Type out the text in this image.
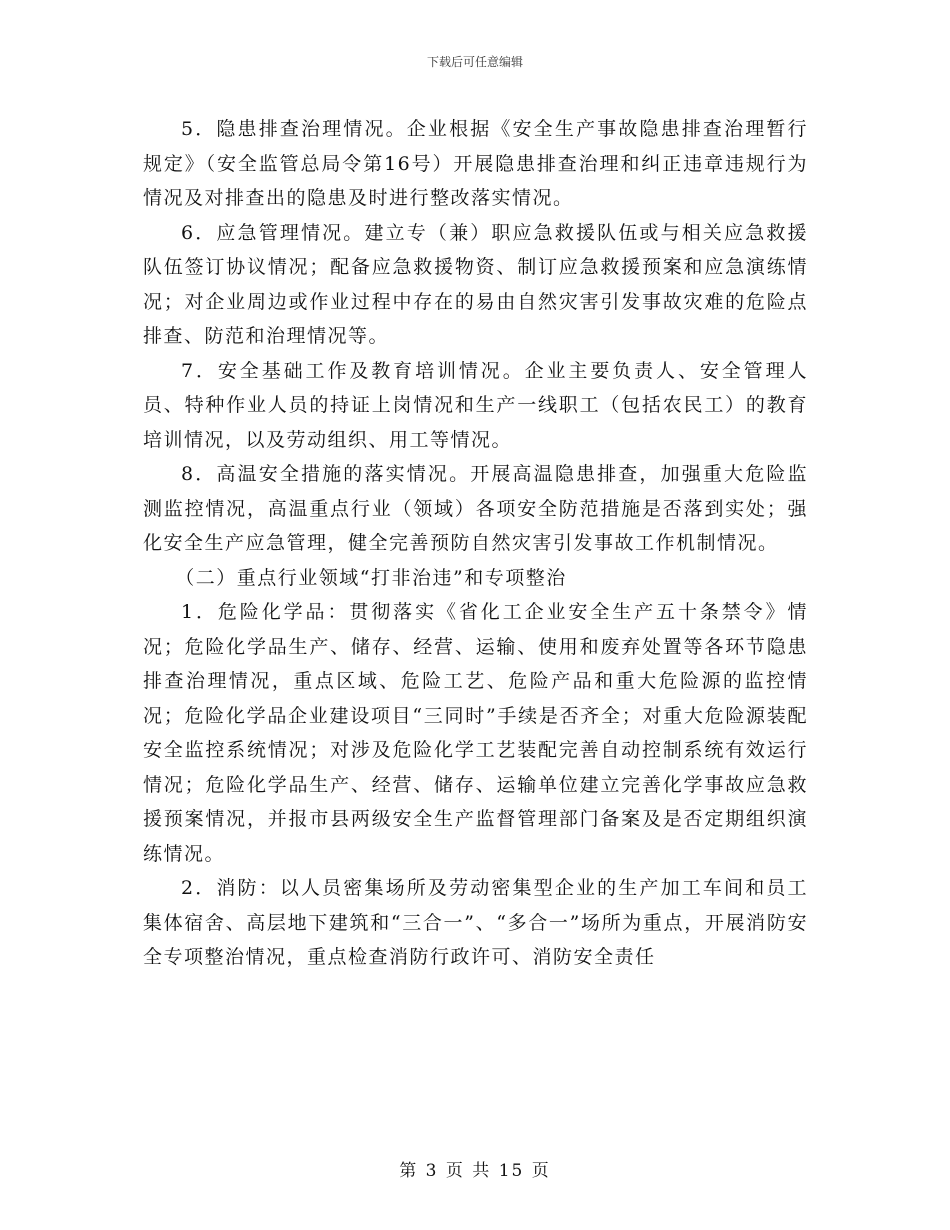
下载后可任意编辑

5．隐患排查治理情况。企业根据《安全生产事故隐患排查治理暂行规定》（安全监管总局令第16号）开展隐患排查治理和纠正违章违规行为情况及对排查出的隐患及时进行整改落实情况。

6．应急管理情况。建立专（兼）职应急救援队伍或与相关应急救援队伍签订协议情况；配备应急救援物资、制订应急救援预案和应急演练情况；对企业周边或作业过程中存在的易由自然灾害引发事故灾难的危险点排查、防范和治理情况等。

7．安全基础工作及教育培训情况。企业主要负责人、安全管理人员、特种作业人员的持证上岗情况和生产一线职工（包括农民工）的教育培训情况，以及劳动组织、用工等情况。

8．高温安全措施的落实情况。开展高温隐患排查，加强重大危险监测监控情况，高温重点行业（领域）各项安全防范措施是否落到实处；强化安全生产应急管理，健全完善预防自然灾害引发事故工作机制情况。

（二）重点行业领域“打非治违”和专项整治

1．危险化学品：贯彻落实《省化工企业安全生产五十条禁令》情况；危险化学品生产、储存、经营、运输、使用和废弃处置等各环节隐患排查治理情况，重点区域、危险工艺、危险产品和重大危险源的监控情况；危险化学品企业建设项目“三同时”手续是否齐全；对重大危险源装配安全监控系统情况；对涉及危险化学工艺装配完善自动控制系统有效运行情况；危险化学品生产、经营、储存、运输单位建立完善化学事故应急救援预案情况，并报市县两级安全生产监督管理部门备案及是否定期组织演练情况。

2．消防：以人员密集场所及劳动密集型企业的生产加工车间和员工集体宿舍、高层地下建筑和“三合一”、“多合一”场所为重点，开展消防安全专项整治情况，重点检查消防行政许可、消防安全责任

第 3 页 共 15 页
